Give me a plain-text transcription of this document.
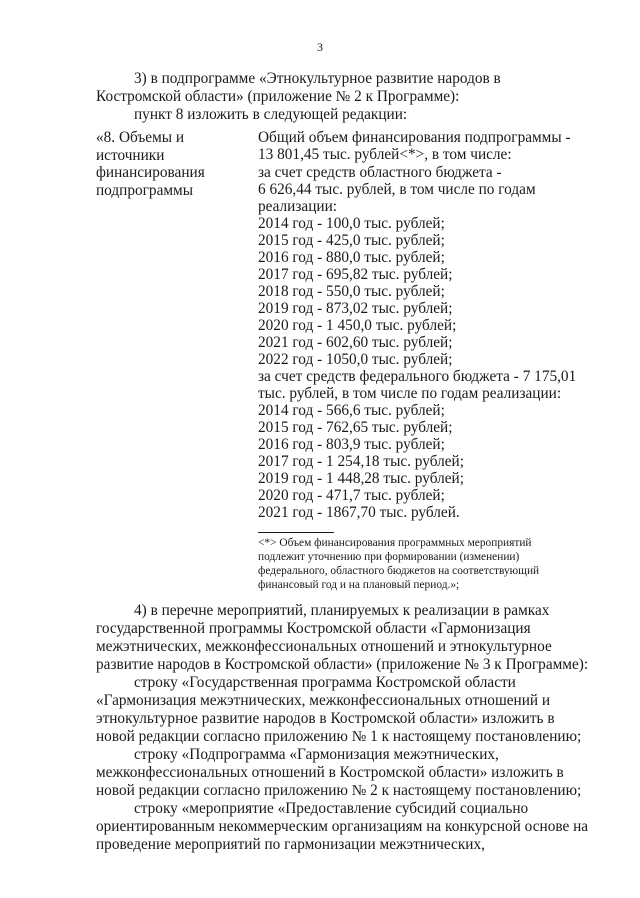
3
3) в подпрограмме «Этнокультурное развитие народов в
Костромской области» (приложение № 2 к Программе):
пункт 8 изложить в следующей редакции:
«8. Объемы и
источники
финансирования
подпрограммы
Общий объем финансирования подпрограммы -
13 801,45 тыс. рублей<*>, в том числе:
за счет средств областного бюджета -
6 626,44 тыс. рублей, в том числе по годам
реализации:
2014 год - 100,0 тыс. рублей;
2015 год - 425,0 тыс. рублей;
2016 год - 880,0 тыс. рублей;
2017 год - 695,82 тыс. рублей;
2018 год - 550,0 тыс. рублей;
2019 год - 873,02 тыс. рублей;
2020 год - 1 450,0 тыс. рублей;
2021 год - 602,60 тыс. рублей;
2022 год - 1050,0 тыс. рублей;
за счет средств федерального бюджета - 7 175,01
тыс. рублей, в том числе по годам реализации:
2014 год - 566,6 тыс. рублей;
2015 год - 762,65 тыс. рублей;
2016 год - 803,9 тыс. рублей;
2017 год - 1 254,18 тыс. рублей;
2019 год - 1 448,28 тыс. рублей;
2020 год - 471,7 тыс. рублей;
2021 год - 1867,70 тыс. рублей.
<*> Объем финансирования программных мероприятий
подлежит уточнению при формировании (изменении)
федерального, областного бюджетов на соответствующий
финансовый год и на плановый период.»;
4) в перечне мероприятий, планируемых к реализации в рамках
государственной программы Костромской области «Гармонизация
межэтнических, межконфессиональных отношений и этнокультурное
развитие народов в Костромской области» (приложение № 3 к Программе):
строку «Государственная программа Костромской области
«Гармонизация межэтнических, межконфессиональных отношений и
этнокультурное развитие народов в Костромской области» изложить в
новой редакции согласно приложению № 1 к настоящему постановлению;
строку «Подпрограмма «Гармонизация межэтнических,
межконфессиональных отношений в Костромской области» изложить в
новой редакции согласно приложению № 2 к настоящему постановлению;
строку «мероприятие «Предоставление субсидий социально
ориентированным некоммерческим организациям на конкурсной основе на
проведение мероприятий по гармонизации межэтнических,
